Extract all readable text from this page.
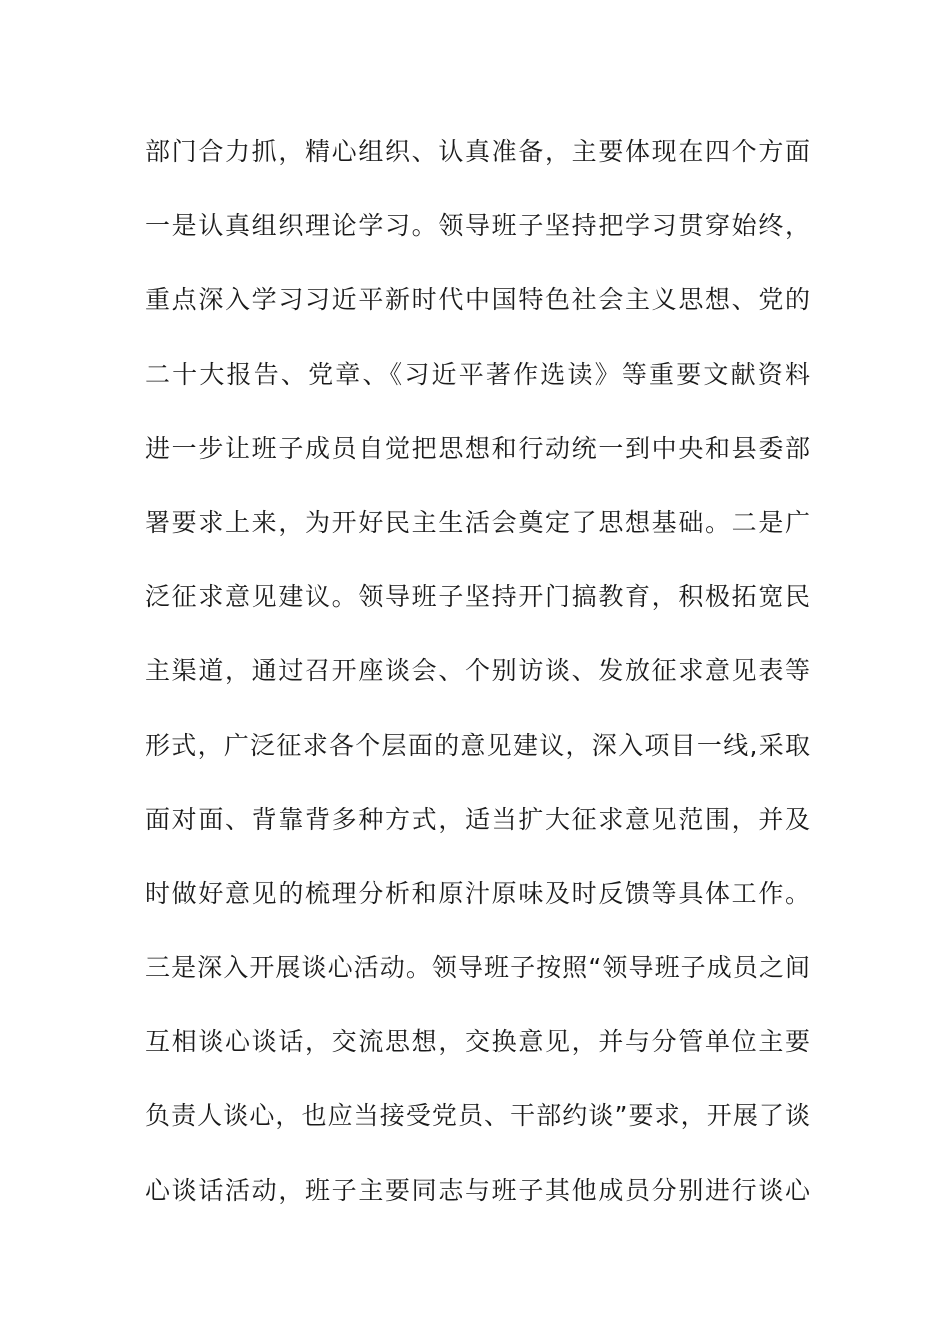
部门合力抓，精心组织、认真准备，主要体现在四个方面
一是认真组织理论学习。领导班子坚持把学习贯穿始终，
重点深入学习习近平新时代中国特色社会主义思想、党的
二十大报告、党章、《习近平著作选读》等重要文献资料
进一步让班子成员自觉把思想和行动统一到中央和县委部
署要求上来，为开好民主生活会奠定了思想基础。二是广
泛征求意见建议。领导班子坚持开门搞教育，积极拓宽民
主渠道，通过召开座谈会、个别访谈、发放征求意见表等
形式，广泛征求各个层面的意见建议，深入项目一线,采取
面对面、背靠背多种方式，适当扩大征求意见范围，并及
时做好意见的梳理分析和原汁原味及时反馈等具体工作。
三是深入开展谈心活动。领导班子按照“领导班子成员之间
互相谈心谈话，交流思想，交换意见，并与分管单位主要
负责人谈心，也应当接受党员、干部约谈”要求，开展了谈
心谈话活动，班子主要同志与班子其他成员分别进行谈心
